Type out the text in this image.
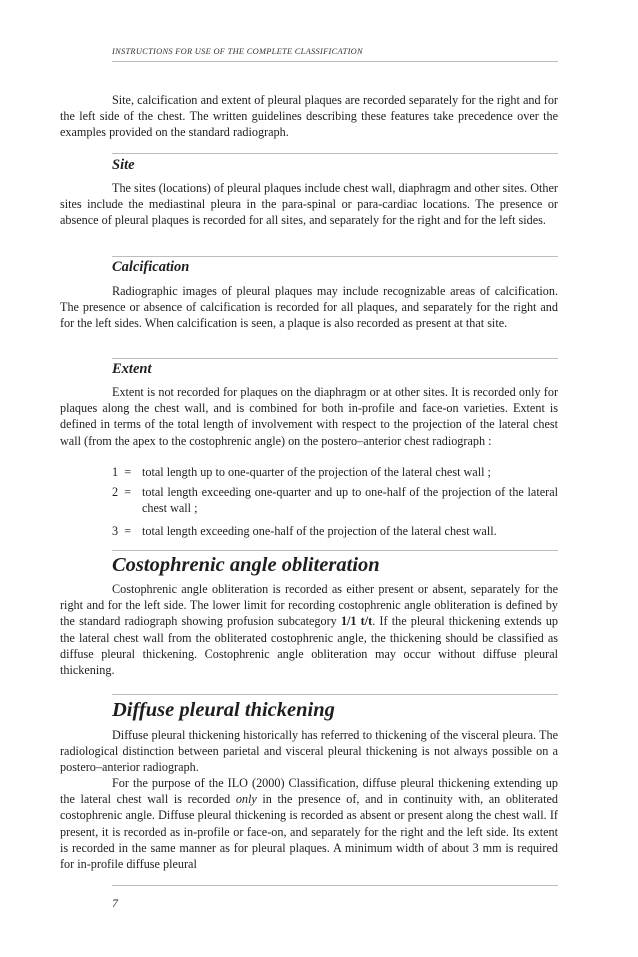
INSTRUCTIONS FOR USE OF THE COMPLETE CLASSIFICATION

Site, calcification and extent of pleural plaques are recorded separately for the right and for the left side of the chest. The written guidelines describing these features take precedence over the examples provided on the standard radiograph.

Site

The sites (locations) of pleural plaques include chest wall, diaphragm and other sites. Other sites include the mediastinal pleura in the para-spinal or para-cardiac locations. The presence or absence of pleural plaques is recorded for all sites, and separately for the right and for the left sides.

Calcification

Radiographic images of pleural plaques may include recognizable areas of calcification. The presence or absence of calcification is recorded for all plaques, and separately for the right and for the left sides. When calcification is seen, a plaque is also recorded as present at that site.

Extent

Extent is not recorded for plaques on the diaphragm or at other sites. It is recorded only for plaques along the chest wall, and is combined for both in-profile and face-on varieties. Extent is defined in terms of the total length of involvement with respect to the projection of the lateral chest wall (from the apex to the costophrenic angle) on the postero–anterior chest radiograph :

1  = total length up to one-quarter of the projection of the lateral chest wall ;
2  = total length exceeding one-quarter and up to one-half of the projection of the lateral chest wall ;
3  = total length exceeding one-half of the projection of the lateral chest wall.
Costophrenic angle obliteration

Costophrenic angle obliteration is recorded as either present or absent, separately for the right and for the left side. The lower limit for recording costophrenic angle obliteration is defined by the standard radiograph showing profusion subcategory 1/1 t/t. If the pleural thickening extends up the lateral chest wall from the obliterated costophrenic angle, the thickening should be classified as diffuse pleural thickening. Costophrenic angle obliteration may occur without diffuse pleural thickening.

Diffuse pleural thickening

Diffuse pleural thickening historically has referred to thickening of the visceral pleura. The radiological distinction between parietal and visceral pleural thickening is not always possible on a postero–anterior radiograph.

For the purpose of the ILO (2000) Classification, diffuse pleural thickening extending up the lateral chest wall is recorded only in the presence of, and in continuity with, an obliterated costophrenic angle. Diffuse pleural thickening is recorded as absent or present along the chest wall. If present, it is recorded as in-profile or face-on, and separately for the right and the left side. Its extent is recorded in the same manner as for pleural plaques. A minimum width of about 3 mm is required for in-profile diffuse pleural

7
